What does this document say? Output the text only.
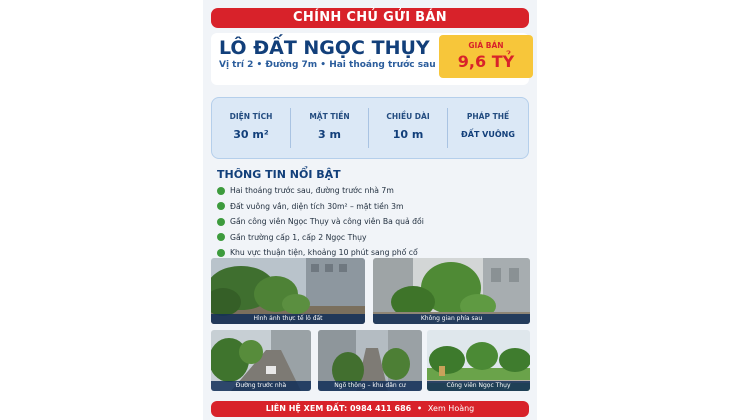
CHÍNH CHỦ GỬI BÁN
LÔ ĐẤT NGỌC THỤY
Vị trí 2 • Đường 7m • Hai thoáng trước sau
GIÁ BÁN
9,6 TỶ
DIỆN TÍCH
30 m²
MẶT TIỀN
3 m
CHIỀU DÀI
10 m
PHÁP THẾ
ĐẤT VUÔNG
THÔNG TIN NỔI BẬT
Hai thoáng trước sau, đường trước nhà 7m
Đất vuông vắn, diện tích 30m² – mặt tiền 3m
Gần công viên Ngọc Thụy và công viên Ba quả đồi
Gần trường cấp 1, cấp 2 Ngọc Thụy
Khu vực thuận tiện, khoảng 10 phút sang phố cổ
Hình ảnh thực tế lô đất	Không gian phía sau
Đường trước nhà	Ngõ thông – khu dân cư	Công viên Ngọc Thụy
LIÊN HỆ XEM ĐẤT: 0984 411 686 • Xem Hoàng
